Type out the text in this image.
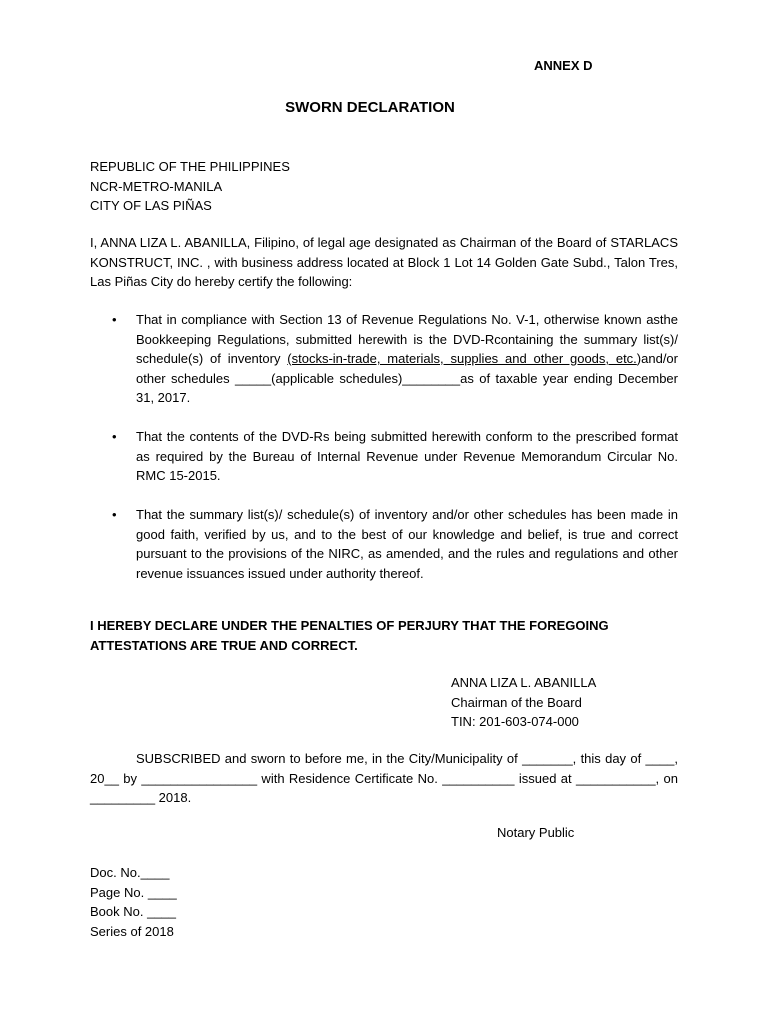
ANNEX D
SWORN DECLARATION
REPUBLIC OF THE PHILIPPINES
NCR-METRO-MANILA
CITY OF LAS PIÑAS
I, ANNA LIZA L. ABANILLA, Filipino, of legal age designated as Chairman of the Board of STARLACS KONSTRUCT, INC. , with business address located at Block 1 Lot 14 Golden Gate Subd., Talon Tres, Las Piñas City do hereby certify the following:
• That in compliance with Section 13 of Revenue Regulations No. V-1, otherwise known asthe Bookkeeping Regulations, submitted herewith is the DVD-Rcontaining the summary list(s)/ schedule(s) of inventory (stocks-in-trade, materials, supplies and other goods, etc.)and/or other schedules _____(applicable schedules)________as of taxable year ending December 31, 2017.
• That the contents of the DVD-Rs being submitted herewith conform to the prescribed format as required by the Bureau of Internal Revenue under Revenue Memorandum Circular No. RMC 15-2015.
• That the summary list(s)/ schedule(s) of inventory and/or other schedules has been made in good faith, verified by us, and to the best of our knowledge and belief, is true and correct pursuant to the provisions of the NIRC, as amended, and the rules and regulations and other revenue issuances issued under authority thereof.
I HEREBY DECLARE UNDER THE PENALTIES OF PERJURY THAT THE FOREGOING ATTESTATIONS ARE TRUE AND CORRECT.
ANNA LIZA L. ABANILLA
Chairman of the Board
TIN: 201-603-074-000
SUBSCRIBED and sworn to before me, in the City/Municipality of _______, this day of ____, 20__ by ________________ with Residence Certificate No. __________ issued at ___________, on _________ 2018.
Notary Public
Doc. No.____
Page No. ____
Book No. ____
Series of 2018
